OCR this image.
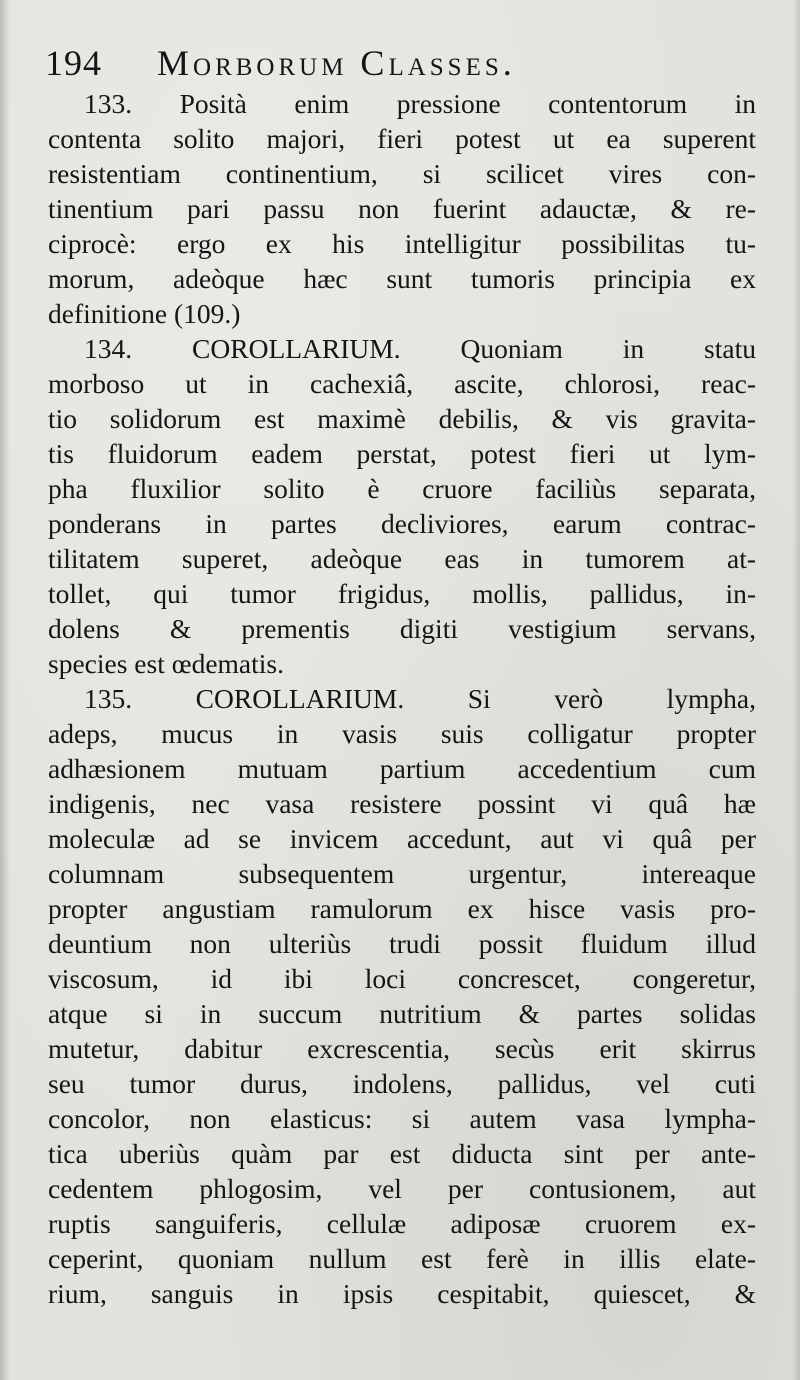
194 Morborum Classes.
133. Posità enim pressione contentorum in
contenta solito majori, fieri potest ut ea superent
resistentiam continentium, si scilicet vires con-
tinentium pari passu non fuerint adauctæ, & re-
ciprocè: ergo ex his intelligitur possibilitas tu-
morum, adeòque hæc sunt tumoris principia ex
definitione (109.)
134. COROLLARIUM. Quoniam in statu
morboso ut in cachexiâ, ascite, chlorosi, reac-
tio solidorum est maximè debilis, & vis gravita-
tis fluidorum eadem perstat, potest fieri ut lym-
pha fluxilior solito è cruore faciliùs separata,
ponderans in partes decliviores, earum contrac-
tilitatem superet, adeòque eas in tumorem at-
tollet, qui tumor frigidus, mollis, pallidus, in-
dolens & prementis digiti vestigium servans,
species est œdematis.
135. COROLLARIUM. Si verò lympha,
adeps, mucus in vasis suis colligatur propter
adhæsionem mutuam partium accedentium cum
indigenis, nec vasa resistere possint vi quâ hæ
moleculæ ad se invicem accedunt, aut vi quâ per
columnam subsequentem urgentur, intereaque
propter angustiam ramulorum ex hisce vasis pro-
deuntium non ulteriùs trudi possit fluidum illud
viscosum, id ibi loci concrescet, congeretur,
atque si in succum nutritium & partes solidas
mutetur, dabitur excrescentia, secùs erit skirrus
seu tumor durus, indolens, pallidus, vel cuti
concolor, non elasticus: si autem vasa lympha-
tica uberiùs quàm par est diducta sint per ante-
cedentem phlogosim, vel per contusionem, aut
ruptis sanguiferis, cellulæ adiposæ cruorem ex-
ceperint, quoniam nullum est ferè in illis elate-
rium, sanguis in ipsis cespitabit, quiescet, &
